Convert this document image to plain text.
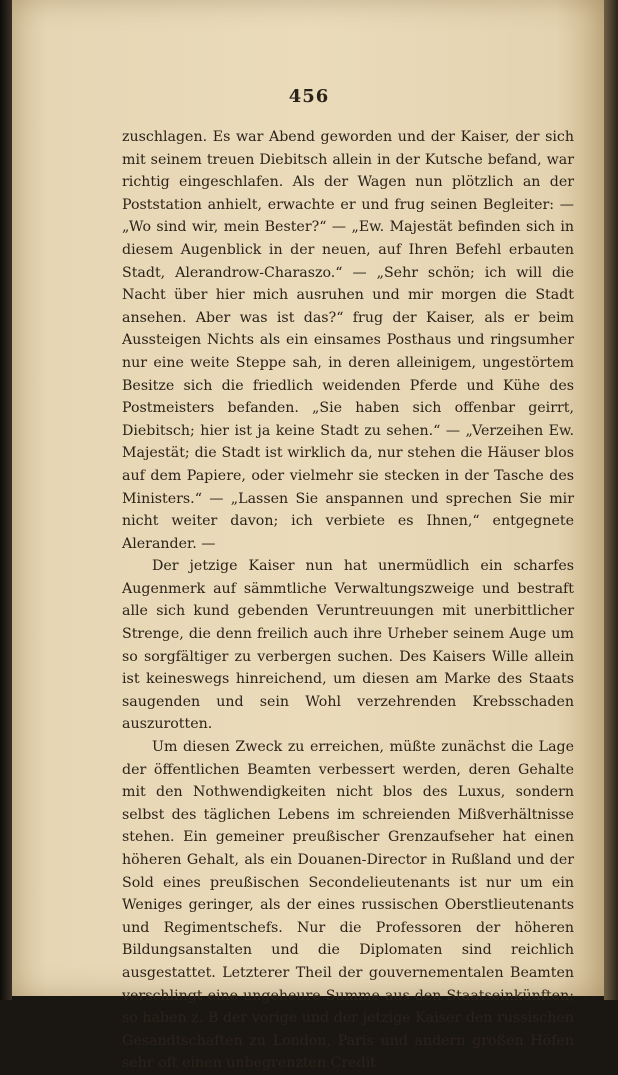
456

zuschlagen. Es war Abend geworden und der Kaiser, der sich mit seinem treuen Diebitsch allein in der Kutsche befand, war richtig eingeschlafen. Als der Wagen nun plötzlich an der Poststation anhielt, erwachte er und frug seinen Begleiter: — „Wo sind wir, mein Bester?“ — „Ew. Majestät befinden sich in diesem Augenblick in der neuen, auf Ihren Befehl erbauten Stadt, Alerandrow-Charaszo.“ — „Sehr schön; ich will die Nacht über hier mich ausruhen und mir morgen die Stadt ansehen. Aber was ist das?“ frug der Kaiser, als er beim Aussteigen Nichts als ein einsames Posthaus und ringsumher nur eine weite Steppe sah, in deren alleinigem, ungestörtem Besitze sich die friedlich weidenden Pferde und Kühe des Postmeisters befanden. „Sie haben sich offenbar geirrt, Diebitsch; hier ist ja keine Stadt zu sehen.“ — „Verzeihen Ew. Majestät; die Stadt ist wirklich da, nur stehen die Häuser blos auf dem Papiere, oder vielmehr sie stecken in der Tasche des Ministers.“ — „Lassen Sie anspannen und sprechen Sie mir nicht weiter davon; ich verbiete es Ihnen,“ entgegnete Alerander. —

Der jetzige Kaiser nun hat unermüdlich ein scharfes Augenmerk auf sämmtliche Verwaltungszweige und bestraft alle sich kund gebenden Veruntreuungen mit unerbittlicher Strenge, die denn freilich auch ihre Urheber seinem Auge um so sorgfältiger zu verbergen suchen. Des Kaisers Wille allein ist keineswegs hinreichend, um diesen am Marke des Staats saugenden und sein Wohl verzehrenden Krebsschaden auszurotten.

Um diesen Zweck zu erreichen, müßte zunächst die Lage der öffentlichen Beamten verbessert werden, deren Gehalte mit den Nothwendigkeiten nicht blos des Luxus, sondern selbst des täglichen Lebens im schreienden Mißverhältnisse stehen. Ein gemeiner preußischer Grenzaufseher hat einen höheren Gehalt, als ein Douanen-Director in Rußland und der Sold eines preußischen Secondelieutenants ist nur um ein Weniges geringer, als der eines russischen Oberstlieutenants und Regimentschefs. Nur die Professoren der höheren Bildungsanstalten und die Diplomaten sind reichlich ausgestattet. Letzterer Theil der gouvernementalen Beamten verschlingt eine ungeheure Summe aus den Staatseinkünften; so haben z. B der vorige und der jetzige Kaiser den russischen Gesandtschaften zu London, Paris und andern großen Höfen sehr oft einen unbegrenzten Credit
